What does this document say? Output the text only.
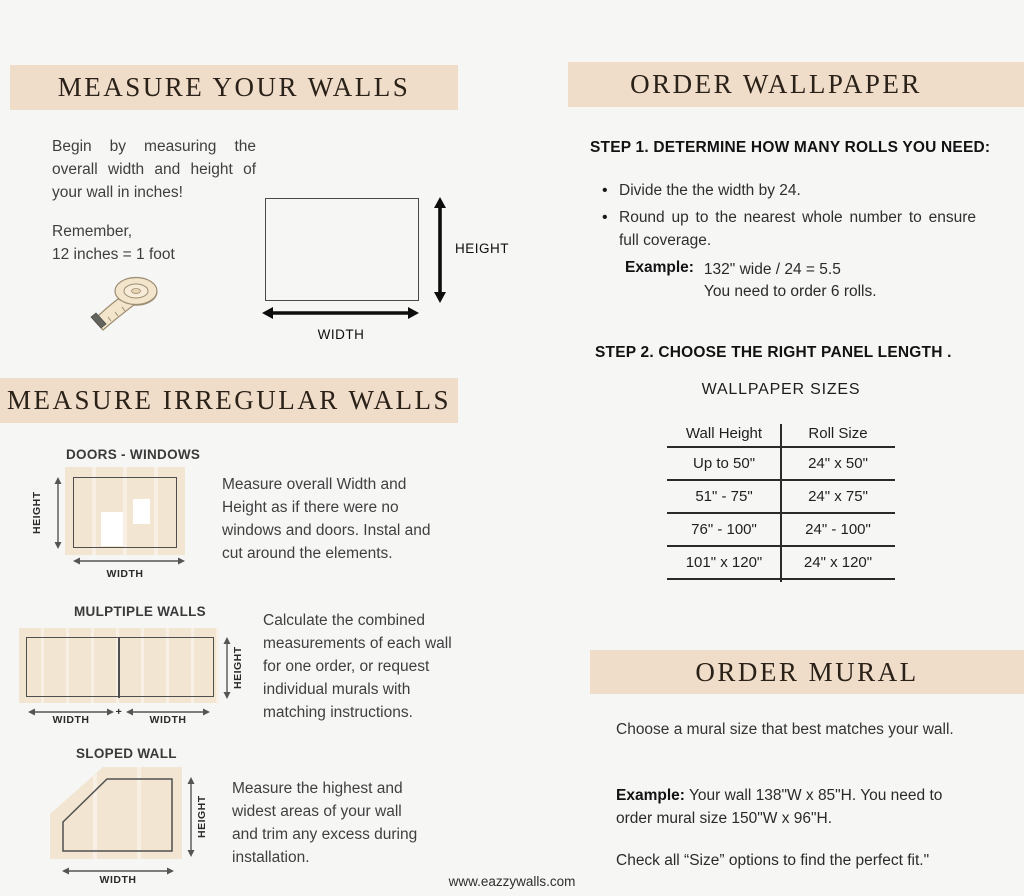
MEASURE YOUR WALLS
Begin by measuring the overall width and height of your wall in inches!
Remember,
12 inches = 1 foot	HEIGHT
WIDTH
MEASURE IRREGULAR WALLS
DOORS - WINDOWS
HEIGHT
WIDTH
Measure overall Width and Height as if there were no windows and doors. Instal and cut around the elements.
MULPTIPLE WALLS
HEIGHT
+
WIDTH	WIDTH
Calculate the combined measurements of each wall for one order, or request individual murals with matching instructions.
SLOPED WALL
HEIGHT
WIDTH
Measure the highest and widest areas of your wall and trim any excess during installation.
ORDER WALLPAPER
STEP 1. DETERMINE HOW MANY ROLLS YOU NEED:
• Divide the the width by 24.
• Round up to the nearest whole number to ensure full coverage.
Example: 132" wide / 24 = 5.5
You need to order 6 rolls.
STEP 2. CHOOSE THE RIGHT PANEL LENGTH .
WALLPAPER SIZES
Wall Height	Roll Size
Up to 50"	24" x 50"
51" - 75"	24" x 75"
76" - 100"	24" - 100"
101" x 120"	24" x 120"
ORDER MURAL
Choose a mural size that best matches your wall.
Example: Your wall 138"W x 85"H. You need to order mural size 150"W x 96"H.
Check all “Size” options to find the perfect fit."
www.eazzywalls.com
